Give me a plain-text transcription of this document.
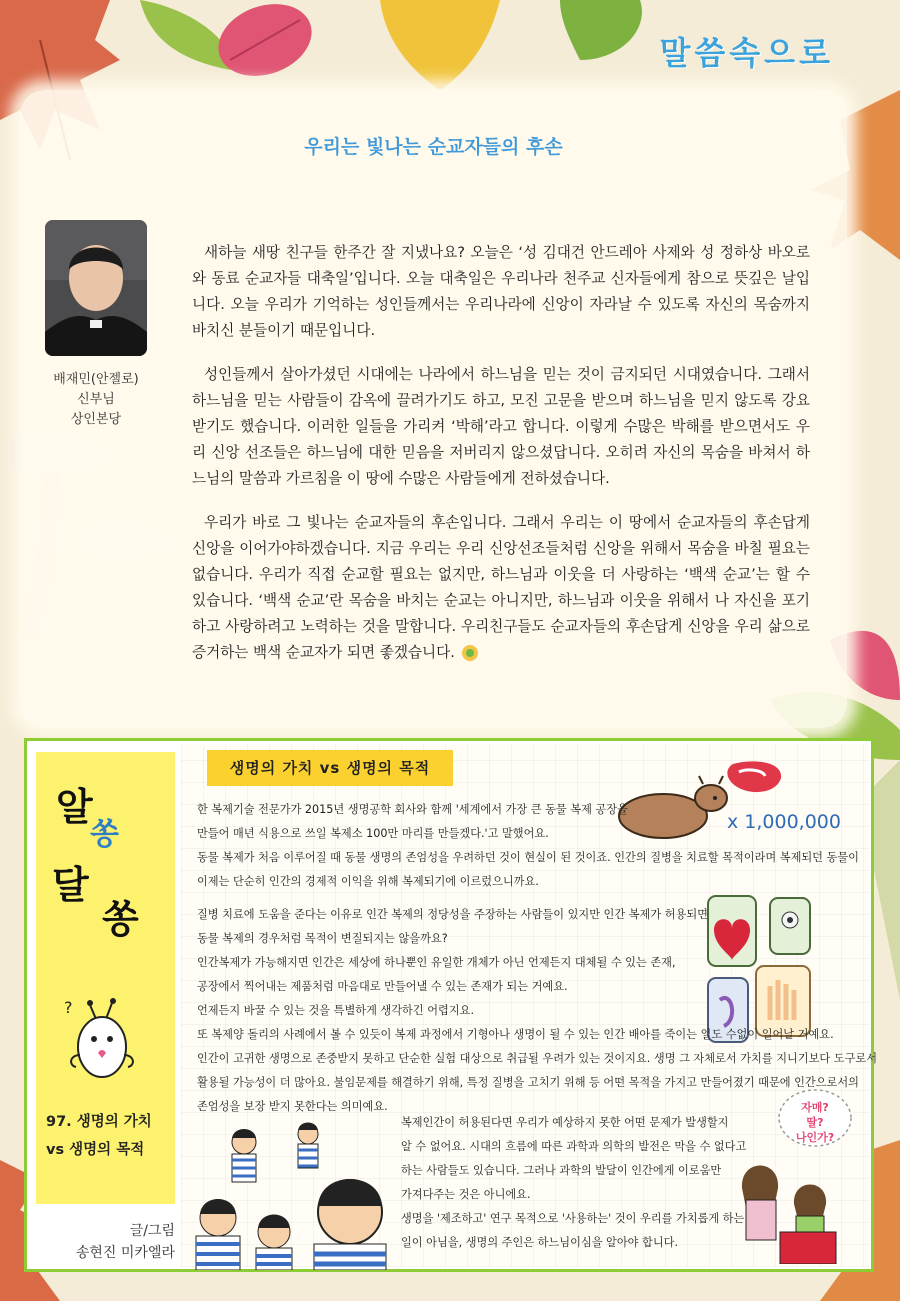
말씀속으로
우리는 빛나는 순교자들의 후손
배재민(안젤로)
신부님
상인본당

새하늘 새땅 친구들 한주간 잘 지냈나요? 오늘은 ‘성 김대건 안드레아 사제와 성 정하상 바오로와 동료 순교자들 대축일’입니다. 오늘 대축일은 우리나라 천주교 신자들에게 참으로 뜻깊은 날입니다. 오늘 우리가 기억하는 성인들께서는 우리나라에 신앙이 자라날 수 있도록 자신의 목숨까지 바치신 분들이기 때문입니다.

성인들께서 살아가셨던 시대에는 나라에서 하느님을 믿는 것이 금지되던 시대였습니다. 그래서 하느님을 믿는 사람들이 감옥에 끌려가기도 하고, 모진 고문을 받으며 하느님을 믿지 않도록 강요받기도 했습니다. 이러한 일들을 가리켜 ‘박해’라고 합니다. 이렇게 수많은 박해를 받으면서도 우리 신앙 선조들은 하느님에 대한 믿음을 저버리지 않으셨답니다. 오히려 자신의 목숨을 바쳐서 하느님의 말씀과 가르침을 이 땅에 수많은 사람들에게 전하셨습니다.

우리가 바로 그 빛나는 순교자들의 후손입니다. 그래서 우리는 이 땅에서 순교자들의 후손답게 신앙을 이어가야하겠습니다. 지금 우리는 우리 신앙선조들처럼 신앙을 위해서 목숨을 바칠 필요는 없습니다. 우리가 직접 순교할 필요는 없지만, 하느님과 이웃을 더 사랑하는 ‘백색 순교’는 할 수 있습니다. ‘백색 순교’란 목숨을 바치는 순교는 아니지만, 하느님과 이웃을 위해서 나 자신을 포기하고 사랑하려고 노력하는 것을 말합니다. 우리친구들도 순교자들의 후손답게 신앙을 우리 삶으로 증거하는 백색 순교자가 되면 좋겠습니다.

알
쏭
달
쏭
?
97. 생명의 가치
vs 생명의 목적
글/그림
송현진 미카엘라
생명의 가치 vs 생명의 목적
x 1,000,000
한 복제기술 전문가가 2015년 생명공학 회사와 함께 '세계에서 가장 큰 동물 복제 공장을
만들어 매년 식용으로 쓰일 복제소 100만 마리를 만들겠다.'고 말했어요.
동물 복제가 처음 이루어질 때 동물 생명의 존엄성을 우려하던 것이 현실이 된 것이죠. 인간의 질병을 치료할 목적이라며 복제되던 동물이
이제는 단순히 인간의 경제적 이익을 위해 복제되기에 이르렀으니까요.
질병 치료에 도움을 준다는 이유로 인간 복제의 정당성을 주장하는 사람들이 있지만 인간 복제가 허용되면
동물 복제의 경우처럼 목적이 변질되지는 않을까요?
인간복제가 가능해지면 인간은 세상에 하나뿐인 유일한 개체가 아닌 언제든지 대체될 수 있는 존재,
공장에서 찍어내는 제품처럼 마음대로 만들어낼 수 있는 존재가 되는 거예요.
언제든지 바꿀 수 있는 것을 특별하게 생각하긴 어렵지요.
또 복제양 돌리의 사례에서 볼 수 있듯이 복제 과정에서 기형아나 생명이 될 수 있는 인간 배아를 죽이는 일도 수없이 일어날 거예요.
인간이 고귀한 생명으로 존중받지 못하고 단순한 실험 대상으로 취급될 우려가 있는 것이지요. 생명 그 자체로서 가치를 지니기보다 도구로서
활용될 가능성이 더 많아요. 불임문제를 해결하기 위해, 특정 질병을 고치기 위해 등 어떤 목적을 가지고 만들어졌기 때문에 인간으로서의
존엄성을 보장 받지 못한다는 의미예요.
복제인간이 허용된다면 우리가 예상하지 못한 어떤 문제가 발생할지
알 수 없어요. 시대의 흐름에 따른 과학과 의학의 발전은 막을 수 없다고
하는 사람들도 있습니다. 그러나 과학의 발달이 인간에게 이로움만
가져다주는 것은 아니에요.
생명을 '제조하고' 연구 목적으로 '사용하는' 것이 우리를 가치롭게 하는
일이 아님을, 생명의 주인은 하느님이심을 알아야 합니다.
자매?
딸?
나인가?
